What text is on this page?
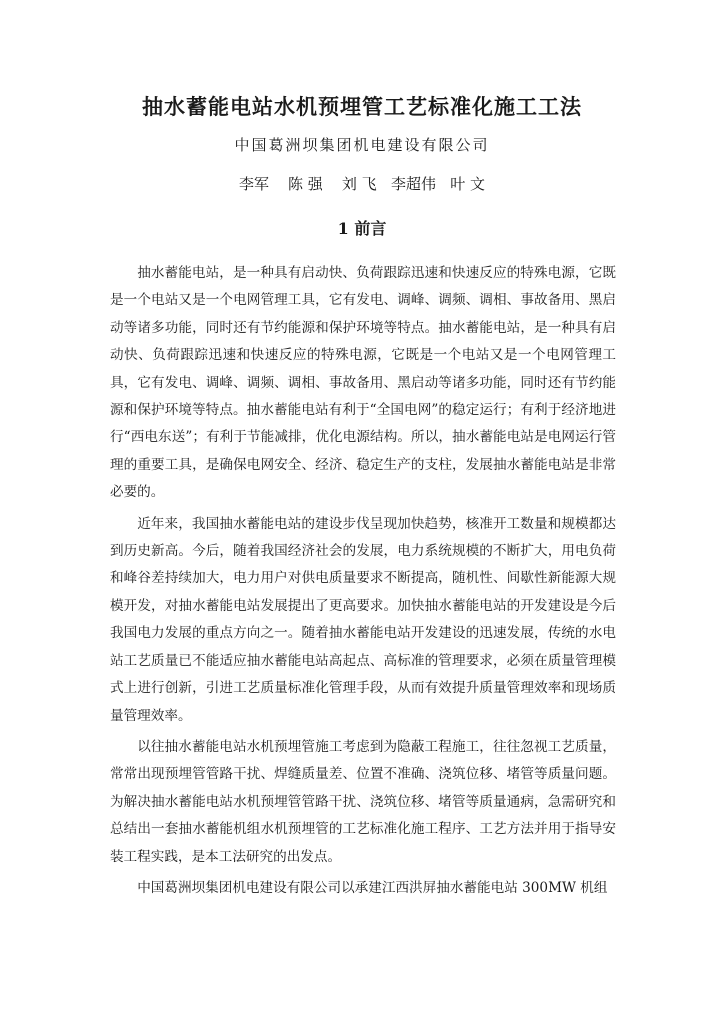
抽水蓄能电站水机预埋管工艺标准化施工工法
中国葛洲坝集团机电建设有限公司
李军    陈 强    刘 飞   李超伟   叶 文
1 前言

抽水蓄能电站，是一种具有启动快、负荷跟踪迅速和快速反应的特殊电源，它既是一个电站又是一个电网管理工具，它有发电、调峰、调频、调相、事故备用、黑启动等诸多功能，同时还有节约能源和保护环境等特点。抽水蓄能电站，是一种具有启动快、负荷跟踪迅速和快速反应的特殊电源，它既是一个电站又是一个电网管理工具，它有发电、调峰、调频、调相、事故备用、黑启动等诸多功能，同时还有节约能源和保护环境等特点。抽水蓄能电站有利于“全国电网”的稳定运行；有利于经济地进行“西电东送”；有利于节能减排，优化电源结构。所以，抽水蓄能电站是电网运行管理的重要工具，是确保电网安全、经济、稳定生产的支柱，发展抽水蓄能电站是非常必要的。

近年来，我国抽水蓄能电站的建设步伐呈现加快趋势，核准开工数量和规模都达到历史新高。今后，随着我国经济社会的发展，电力系统规模的不断扩大，用电负荷和峰谷差持续加大，电力用户对供电质量要求不断提高，随机性、间歇性新能源大规模开发，对抽水蓄能电站发展提出了更高要求。加快抽水蓄能电站的开发建设是今后我国电力发展的重点方向之一。随着抽水蓄能电站开发建设的迅速发展，传统的水电站工艺质量已不能适应抽水蓄能电站高起点、高标准的管理要求，必须在质量管理模式上进行创新，引进工艺质量标准化管理手段，从而有效提升质量管理效率和现场质量管理效率。

以往抽水蓄能电站水机预埋管施工考虑到为隐蔽工程施工，往往忽视工艺质量，常常出现预埋管管路干扰、焊缝质量差、位置不准确、浇筑位移、堵管等质量问题。为解决抽水蓄能电站水机预埋管管路干扰、浇筑位移、堵管等质量通病，急需研究和总结出一套抽水蓄能机组水机预埋管的工艺标准化施工程序、工艺方法并用于指导安装工程实践，是本工法研究的出发点。

中国葛洲坝集团机电建设有限公司以承建江西洪屏抽水蓄能电站 300MW 机组
